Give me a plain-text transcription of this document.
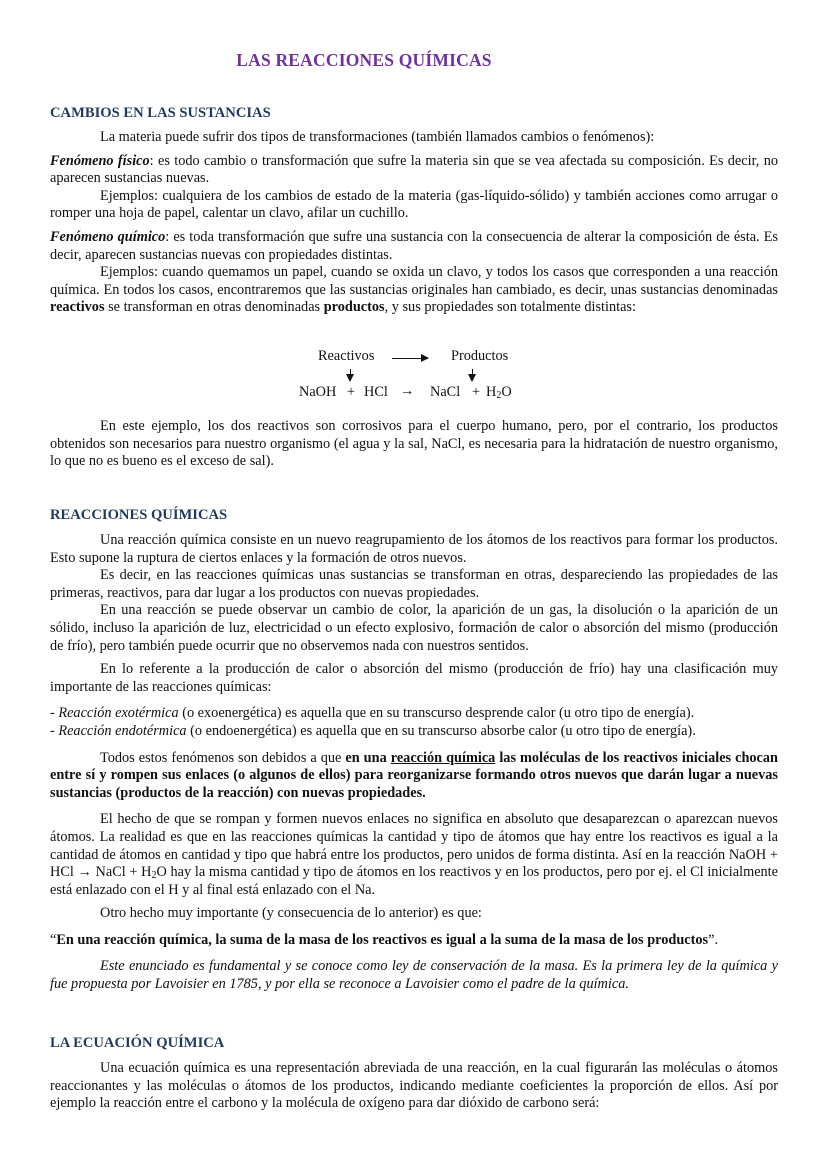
LAS REACCIONES QUÍMICAS
CAMBIOS EN LAS SUSTANCIAS

La materia puede sufrir dos tipos de transformaciones (también llamados cambios o fenómenos):

Fenómeno físico: es todo cambio o transformación que sufre la materia sin que se vea afectada su composición. Es decir, no aparecen sustancias nuevas.

Ejemplos: cualquiera de los cambios de estado de la materia (gas-líquido-sólido) y también acciones como arrugar o romper una hoja de papel, calentar un clavo, afilar un cuchillo.

Fenómeno químico: es toda transformación que sufre una sustancia con la consecuencia de alterar la composición de ésta. Es decir, aparecen sustancias nuevas con propiedades distintas.

Ejemplos: cuando quemamos un papel, cuando se oxida un clavo, y todos los casos que corresponden a una reacción química. En todos los casos, encontraremos que las sustancias originales han cambiado, es decir, unas sustancias denominadas reactivos se transforman en otras denominadas productos, y sus propiedades son totalmente distintas:

Reactivos	Productos
NaOH + HCl → NaCl + $H_2O$

En este ejemplo, los dos reactivos son corrosivos para el cuerpo humano, pero, por el contrario, los productos obtenidos son necesarios para nuestro organismo (el agua y la sal, NaCl, es necesaria para la hidratación de nuestro organismo, lo que no es bueno es el exceso de sal).

REACCIONES QUÍMICAS

Una reacción química consiste en un nuevo reagrupamiento de los átomos de los reactivos para formar los productos. Esto supone la ruptura de ciertos enlaces y la formación de otros nuevos.

Es decir, en las reacciones químicas unas sustancias se transforman en otras, despareciendo las propiedades de las primeras, reactivos, para dar lugar a los productos con nuevas propiedades.

En una reacción se puede observar un cambio de color, la aparición de un gas, la disolución o la aparición de un sólido, incluso la aparición de luz, electricidad o un efecto explosivo, formación de calor o absorción del mismo (producción de frío), pero también puede ocurrir que no observemos nada con nuestros sentidos.

En lo referente a la producción de calor o absorción del mismo (producción de frío) hay una clasificación muy importante de las reacciones químicas:

- Reacción exotérmica (o exoenergética) es aquella que en su transcurso desprende calor (u otro tipo de energía).

- Reacción endotérmica (o endoenergética) es aquella que en su transcurso absorbe calor (u otro tipo de energía).

Todos estos fenómenos son debidos a que en una reacción química las moléculas de los reactivos iniciales chocan entre sí y rompen sus enlaces (o algunos de ellos) para reorganizarse formando otros nuevos que darán lugar a nuevas sustancias (productos de la reacción) con nuevas propiedades.

El hecho de que se rompan y formen nuevos enlaces no significa en absoluto que desaparezcan o aparezcan nuevos átomos. La realidad es que en las reacciones químicas la cantidad y tipo de átomos que hay entre los reactivos es igual a la cantidad de átomos en cantidad y tipo que habrá entre los productos, pero unidos de forma distinta. Así en la reacción NaOH + HCl → NaCl + $H_2O$ hay la misma cantidad y tipo de átomos en los reactivos y en los productos, pero por ej. el Cl inicialmente está enlazado con el H y al final está enlazado con el Na.

Otro hecho muy importante (y consecuencia de lo anterior) es que:

“En una reacción química, la suma de la masa de los reactivos es igual a la suma de la masa de los productos”.

Este enunciado es fundamental y se conoce como ley de conservación de la masa. Es la primera ley de la química y fue propuesta por Lavoisier en 1785, y por ella se reconoce a Lavoisier como el padre de la química.

LA ECUACIÓN QUÍMICA

Una ecuación química es una representación abreviada de una reacción, en la cual figurarán las moléculas o átomos reaccionantes y las moléculas o átomos de los productos, indicando mediante coeficientes la proporción de ellos. Así por ejemplo la reacción entre el carbono y la molécula de oxígeno para dar dióxido de carbono será:
